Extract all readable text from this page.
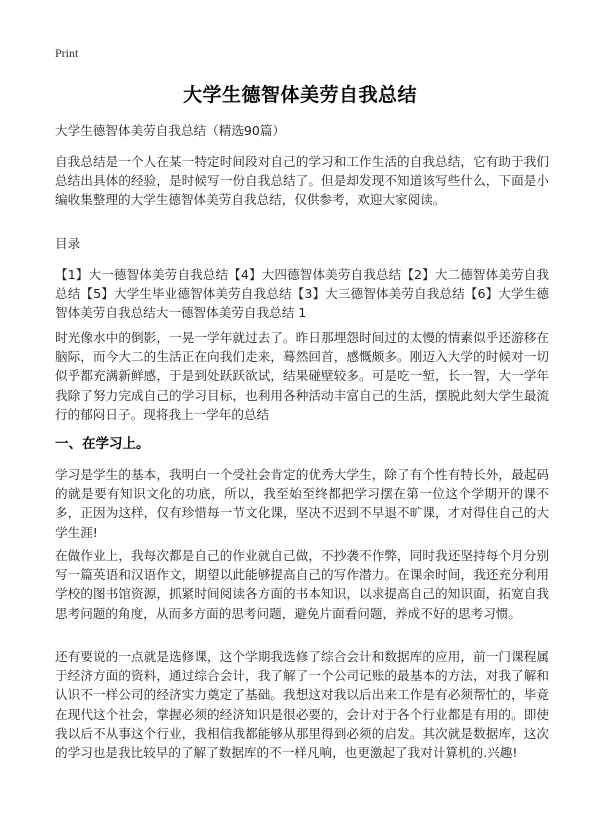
Print
大学生德智体美劳自我总结
大学生德智体美劳自我总结（精选90篇）
自我总结是一个人在某一特定时间段对自己的学习和工作生活的自我总结，它有助于我们总结出具体的经验，是时候写一份自我总结了。但是却发现不知道该写些什么，下面是小编收集整理的大学生德智体美劳自我总结，仅供参考，欢迎大家阅读。
目录
【1】大一德智体美劳自我总结【4】大四德智体美劳自我总结【2】大二德智体美劳自我总结【5】大学生毕业德智体美劳自我总结【3】大三德智体美劳自我总结【6】大学生德智体美劳自我总结大一德智体美劳自我总结 1
时光像水中的倒影，一晃一学年就过去了。昨日那埋怨时间过的太慢的情素似乎还游移在脑际，而今大二的生活正在向我们走来，蓦然回首，感慨颇多。刚迈入大学的时候对一切似乎都充满新鲜感，于是到处跃跃欲试，结果碰壁较多。可是吃一堑，长一智，大一学年我除了努力完成自己的学习目标，也利用各种活动丰富自己的生活，摆脱此刻大学生最流行的郁闷日子。现将我上一学年的总结
一、在学习上。
学习是学生的基本，我明白一个受社会肯定的优秀大学生，除了有个性有特长外，最起码的就是要有知识文化的功底，所以，我至始至终都把学习摆在第一位这个学期开的课不多，正因为这样，仅有珍惜每一节文化课，坚决不迟到不早退不旷课，才对得住自己的大学生涯!
在做作业上，我每次都是自己的作业就自己做，不抄袭不作弊，同时我还坚持每个月分别写一篇英语和汉语作文，期望以此能够提高自己的写作潜力。在课余时间，我还充分利用学校的图书馆资源，抓紧时间阅读各方面的书本知识，以求提高自己的知识面，拓宽自我思考问题的角度，从而多方面的思考问题，避免片面看问题，养成不好的思考习惯。
还有要说的一点就是选修课，这个学期我选修了综合会计和数据库的应用，前一门课程属于经济方面的资料，通过综合会计，我了解了一个公司记账的最基本的方法，对我了解和认识不一样公司的经济实力奠定了基础。我想这对我以后出来工作是有必须帮忙的，毕竟在现代这个社会，掌握必须的经济知识是很必要的，会计对于各个行业都是有用的。即使我以后不从事这个行业，我相信我都能够从那里得到必须的启发。其次就是数据库，这次的学习也是我比较早的了解了数据库的不一样凡响，也更激起了我对计算机的.兴趣!
